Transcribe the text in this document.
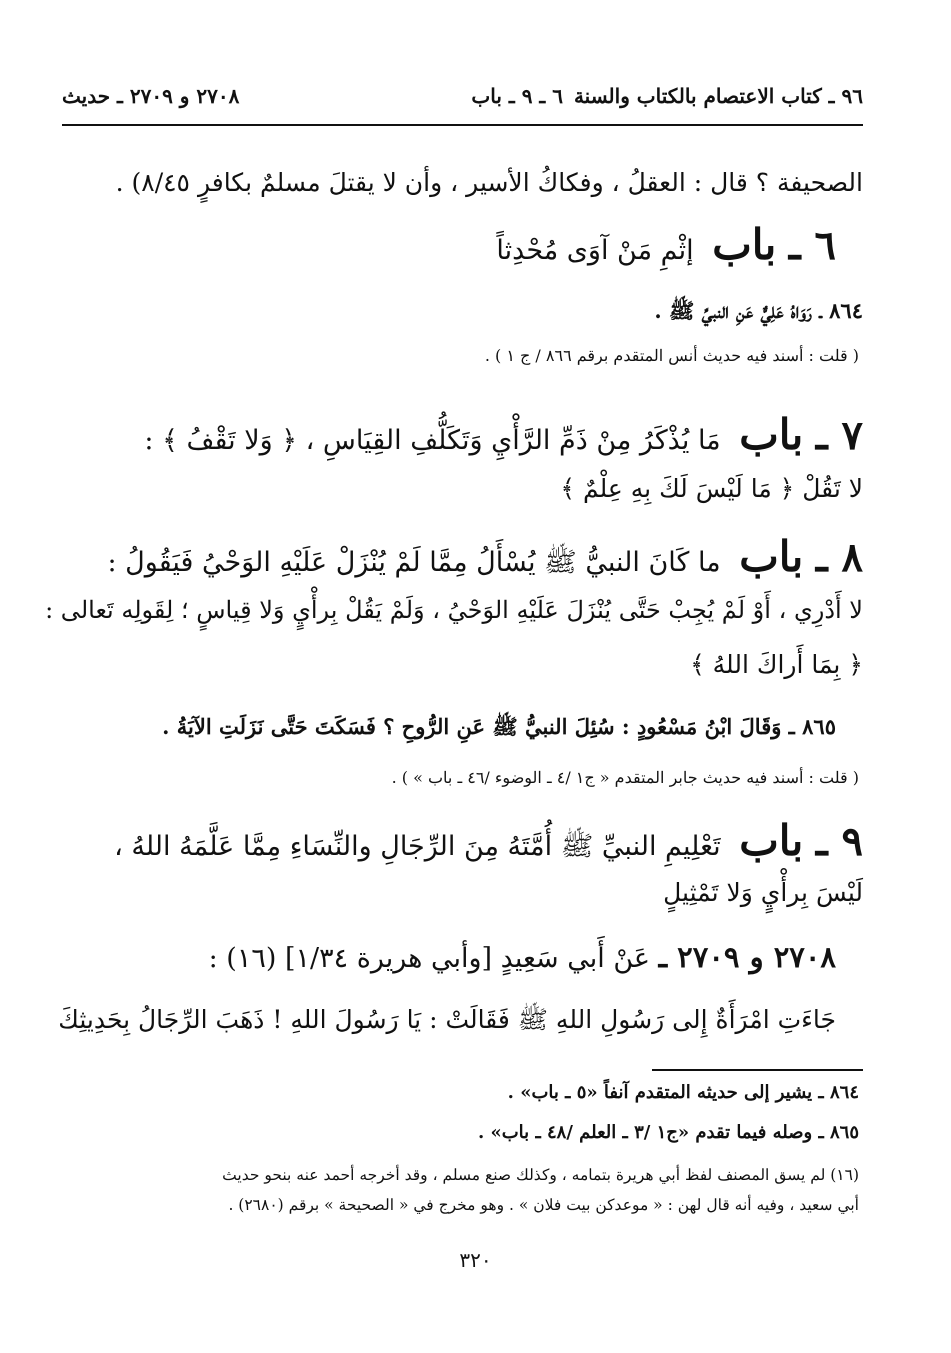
٩٦ ـ كتاب الاعتصام بالكتاب والسنة
٦ ـ ٩ ـ باب
٢٧٠٨ و ٢٧٠٩ ـ حديث
الصحيفة ؟ قال : العقلُ ، وفكاكُ الأسير ، وأن لا يقتلَ مسلمٌ بكافرٍ ٨/٤٥) .
٦ ـ باب إثْمِ مَنْ آوَى مُحْدِثاً
٨٦٤ ـ رَوَاهُ عَلِيٌّ عَنِ النبيِّ ﷺ .
( قلت : أسند فيه حديث أنس المتقدم برقم ٨٦٦ / ج ١ ) .
٧ ـ باب مَا يُذْكَرُ مِنْ ذَمِّ الرَّأْيِ وَتَكَلُّفِ القِيَاسِ ، ﴿ وَلا تَقْفُ ﴾ :
لا تَقُلْ ﴿ مَا لَيْسَ لَكَ بِهِ عِلْمٌ ﴾
٨ ـ باب ما كَانَ النبيُّ ﷺ يُسْأَلُ مِمَّا لَمْ يُنْزَلْ عَلَيْهِ الوَحْيُ فَيَقُولُ :
لا أَدْرِي ، أَوْ لَمْ يُجِبْ حَتَّى يُنْزَلَ عَلَيْهِ الوَحْيُ ، وَلَمْ يَقُلْ بِرأْيٍ وَلا قِياسٍ ؛ لِقَولِه تَعالى :
﴿ بِمَا أَراكَ اللهُ ﴾
٨٦٥ ـ وَقَالَ ابْنُ مَسْعُودٍ : سُئِلَ النبيُّ ﷺ عَنِ الرُّوحِ ؟ فَسَكَتَ حَتَّى نَزَلَتِ الآيَةُ .
( قلت : أسند فيه حديث جابر المتقدم « ج١ /٤ ـ الوضوء /٤٦ ـ باب » ) .
٩ ـ باب تَعْلِيمِ النبيِّ ﷺ أُمَّتَهُ مِنَ الرِّجَالِ والنِّسَاءِ مِمَّا عَلَّمَهُ اللهُ ،
لَيْسَ بِرأْيٍ وَلا تَمْثِيلٍ
٢٧٠٨ و ٢٧٠٩ ـ عَنْ أَبي سَعِيدٍ [وأبي هريرة ١/٣٤] (١٦) :
جَاءَتِ امْرَأَةٌ إِلى رَسُولِ اللهِ ﷺ فَقَالَتْ : يَا رَسُولَ اللهِ ! ذَهَبَ الرِّجَالُ بِحَدِيثِكَ
٨٦٤ ـ يشير إلى حديثه المتقدم آنفاً «٥ ـ باب» .
٨٦٥ ـ وصله فيما تقدم «ج١ /٣ ـ العلم /٤٨ ـ باب» .
(١٦) لم يسق المصنف لفظ أبي هريرة بتمامه ، وكذلك صنع مسلم ، وقد أخرجه أحمد عنه بنحو حديث
أبي سعيد ، وفيه أنه قال لهن : « موعدكن بيت فلان » . وهو مخرج في « الصحيحة » برقم (٢٦٨٠) .
٣٢٠
